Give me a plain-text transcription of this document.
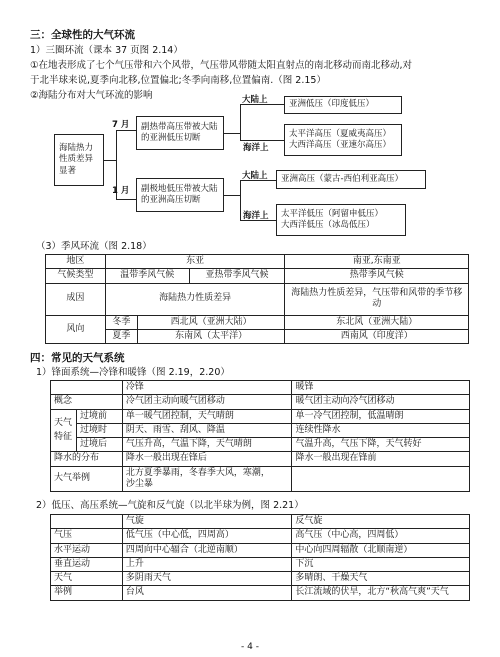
三：全球性的大气环流
1）三圈环流（课本 37 页图 2.14）
①在地表形成了七个气压带和六个风带，气压带风带随太阳直射点的南北移动而南北移动,对
于北半球来说,夏季向北移,位置偏北;冬季向南移,位置偏南.（图 2.15）
②海陆分布对大气环流的影响
海陆热力性质差异显著
7 月
1 月
副热带高压带被大陆的亚洲低压切断
副极地低压带被大陆的亚洲高压切断
大陆上
海洋上
亚洲低压（印度低压）
太平洋高压（夏威夷高压）
大西洋高压（亚速尔高压）
大陆上
海洋上
亚洲高压（蒙古-西伯利亚高压）
太平洋低压（阿留申低压）
大西洋低压（冰岛低压）
（3）季风环流（图 2.18）
地区	东亚			南亚,东南亚
气候类型	温带季风气候		亚热带季风气候	热带季风气候
成因	海陆热力性质差异			海陆热力性质差异，气压带和风带的季节移动
风向	冬季	西北风（亚洲大陆）		东北风（亚洲大陆）
	夏季	东南风（太平洋）		西南风（印度洋）
四：常见的天气系统
1）锋面系统—冷锋和暖锋（图 2.19，2.20）
		冷锋	暖锋
概念		冷气团主动向暖气团移动	暖气团主动向冷气团移动
天气特征	过境前	单一暖气团控制，天气晴朗	单一冷气团控制，低温晴朗
	过境时	阴天、雨雪、刮风、降温	连续性降水
	过境后	气压升高，气温下降，天气晴朗	气温升高，气压下降，天气转好
降水的分布		降水一般出现在锋后	降水一般出现在锋前
大气举例		北方夏季暴雨，冬春季大风，寒潮，
沙尘暴	

2）低压、高压系统—气旋和反气旋（以北半球为例，图 2.21）
	气旋	反气旋
气压	低气压（中心低，四周高）	高气压（中心高，四周低）
水平运动	四周向中心辐合（北逆南顺）	中心向四周辐散（北顺南逆）
垂直运动	上升	下沉
天气	多阴雨天气	多晴朗、干燥天气
举例	台风	长江流域的伏旱，北方“秋高气爽”天气
- 4 -
